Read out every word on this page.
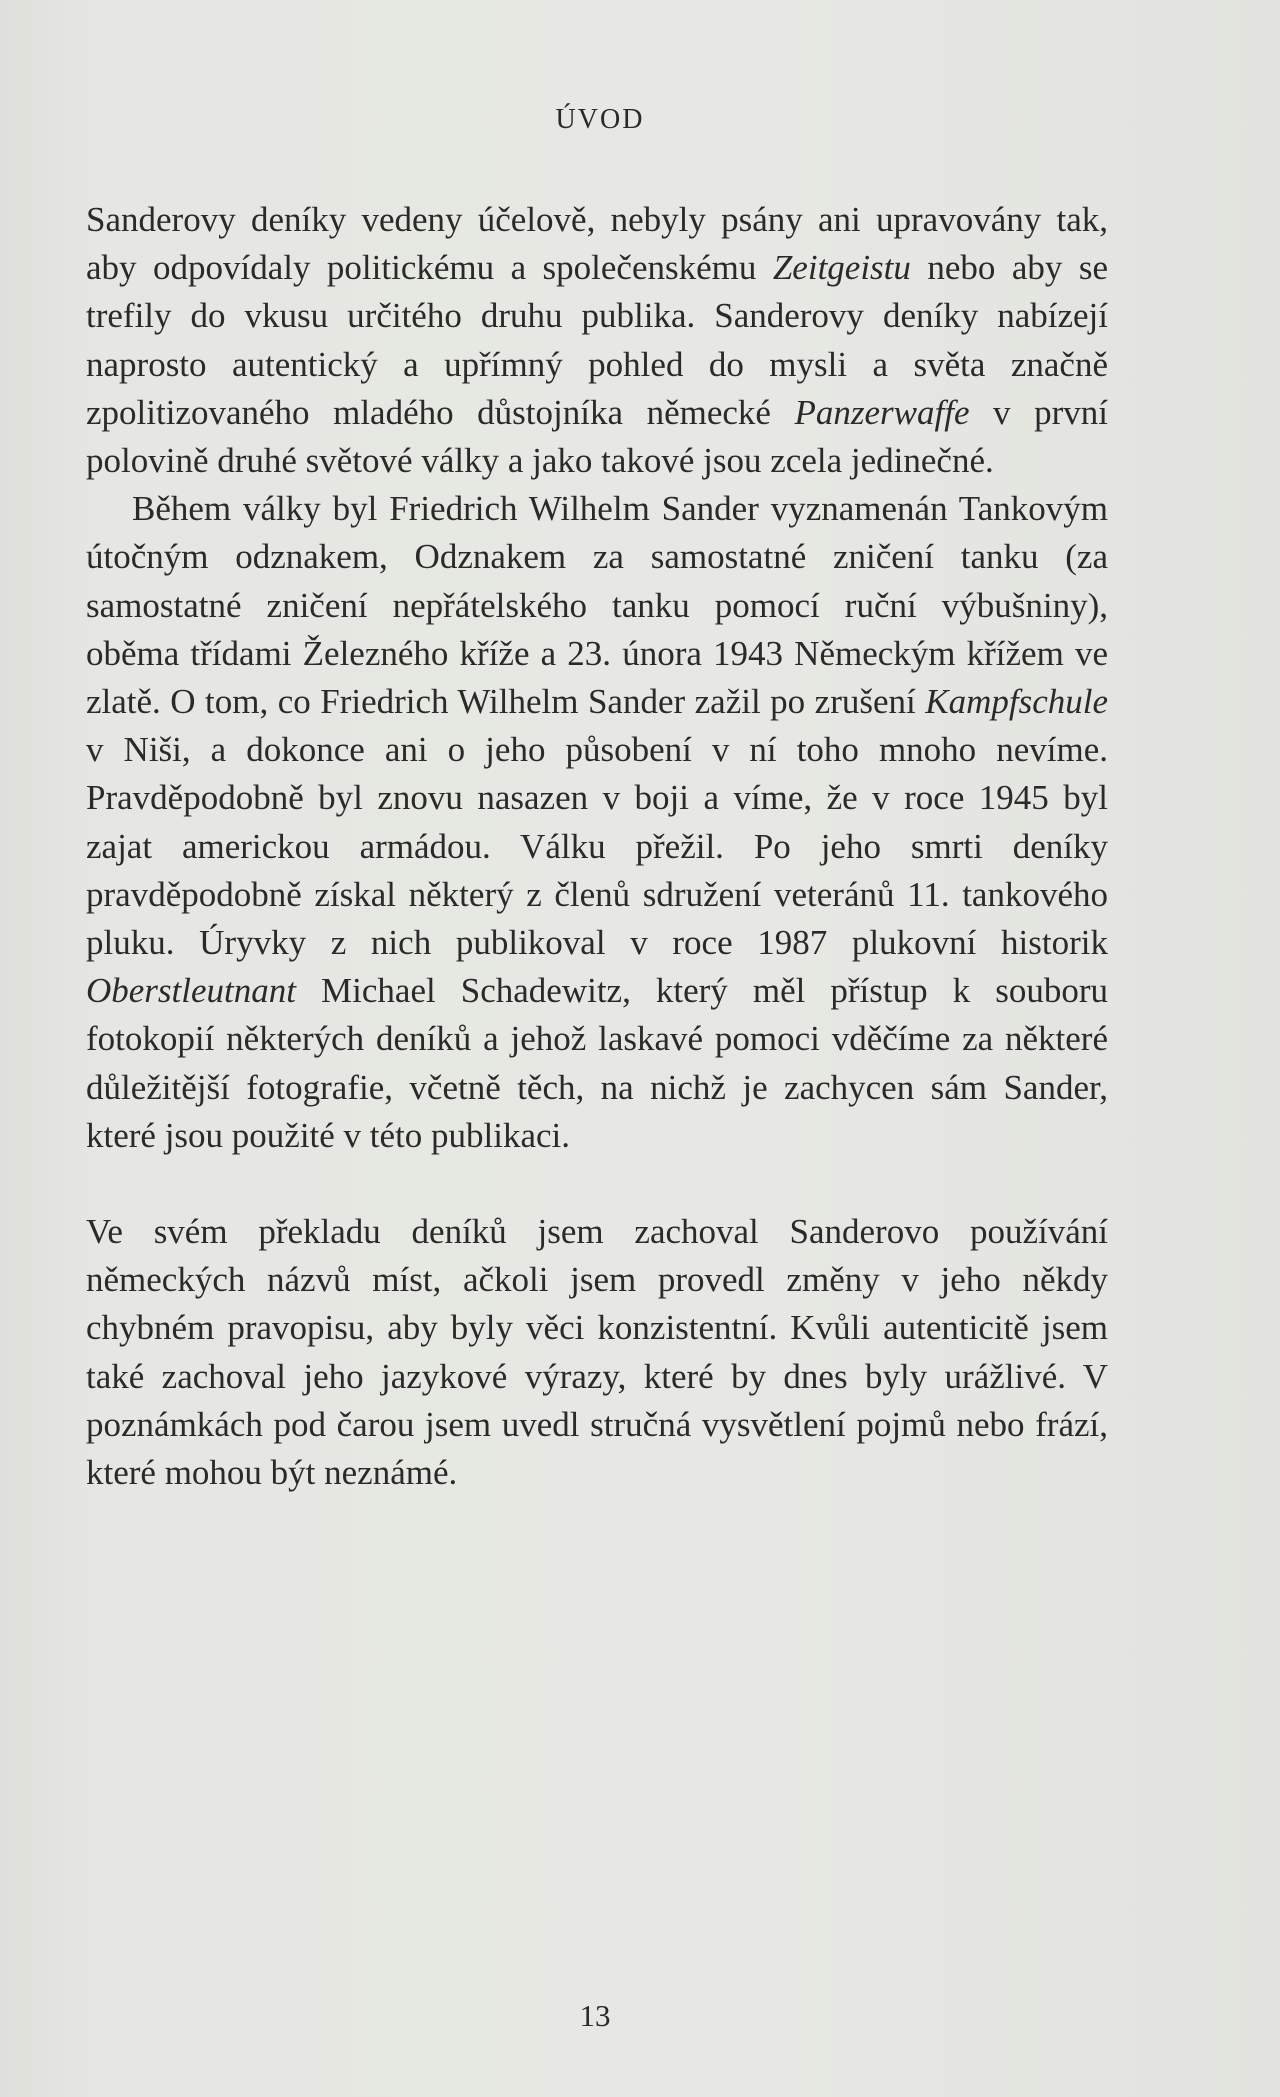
ÚVOD

Sanderovy deníky vedeny účelově, nebyly psány ani upravovány tak, aby odpovídaly politickému a společenskému Zeitgeistu nebo aby se trefily do vkusu určitého druhu publika. Sanderovy deníky nabízejí naprosto autentický a upřímný pohled do mysli a světa značně zpolitizovaného mladého důstojníka německé Panzerwaffe v první polovině druhé světové války a jako takové jsou zcela jedinečné.

Během války byl Friedrich Wilhelm Sander vyznamenán Tankovým útočným odznakem, Odznakem za samostatné zničení tanku (za samostatné zničení nepřátelského tanku pomocí ruční výbušniny), oběma třídami Železného kříže a 23. února 1943 Německým křížem ve zlatě. O tom, co Friedrich Wilhelm Sander zažil po zrušení Kampfschule v Niši, a dokonce ani o jeho působení v ní toho mnoho nevíme. Pravděpodobně byl znovu nasazen v boji a víme, že v roce 1945 byl zajat americkou armádou. Válku přežil. Po jeho smrti deníky pravděpodobně získal některý z členů sdružení veteránů 11. tankového pluku. Úryvky z nich publikoval v roce 1987 plukovní historik Oberstleutnant Michael Schadewitz, který měl přístup k souboru fotokopií některých deníků a jehož laskavé pomoci vděčíme za některé důležitější fotografie, včetně těch, na nichž je zachycen sám Sander, které jsou použité v této publikaci.

Ve svém překladu deníků jsem zachoval Sanderovo používání německých názvů míst, ačkoli jsem provedl změny v jeho někdy chybném pravopisu, aby byly věci konzistentní. Kvůli autenticitě jsem také zachoval jeho jazykové výrazy, které by dnes byly urážlivé. V poznámkách pod čarou jsem uvedl stručná vysvětlení pojmů nebo frází, které mohou být neznámé.

13
